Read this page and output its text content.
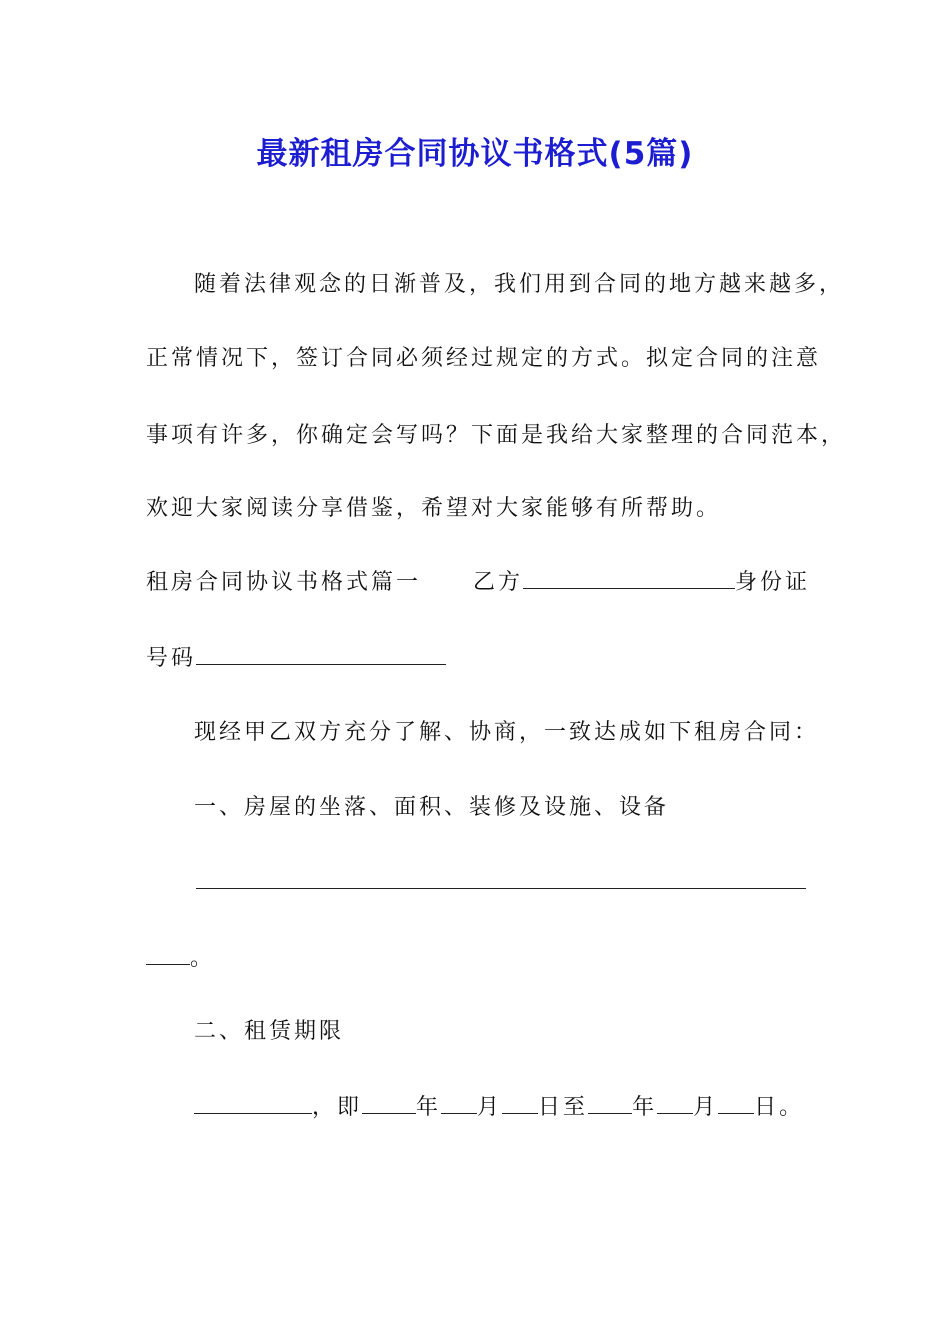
最新租房合同协议书格式(5篇)
随着法律观念的日渐普及，我们用到合同的地方越来越多，
正常情况下，签订合同必须经过规定的方式。拟定合同的注意
事项有许多，你确定会写吗？下面是我给大家整理的合同范本，
欢迎大家阅读分享借鉴，希望对大家能够有所帮助。
租房合同协议书格式篇一 乙方	身份证
号码
现经甲乙双方充分了解、协商，一致达成如下租房合同：
一、房屋的坐落、面积、装修及设施、设备
。
二、租赁期限
，即 年 月 日至 年 月 日。
